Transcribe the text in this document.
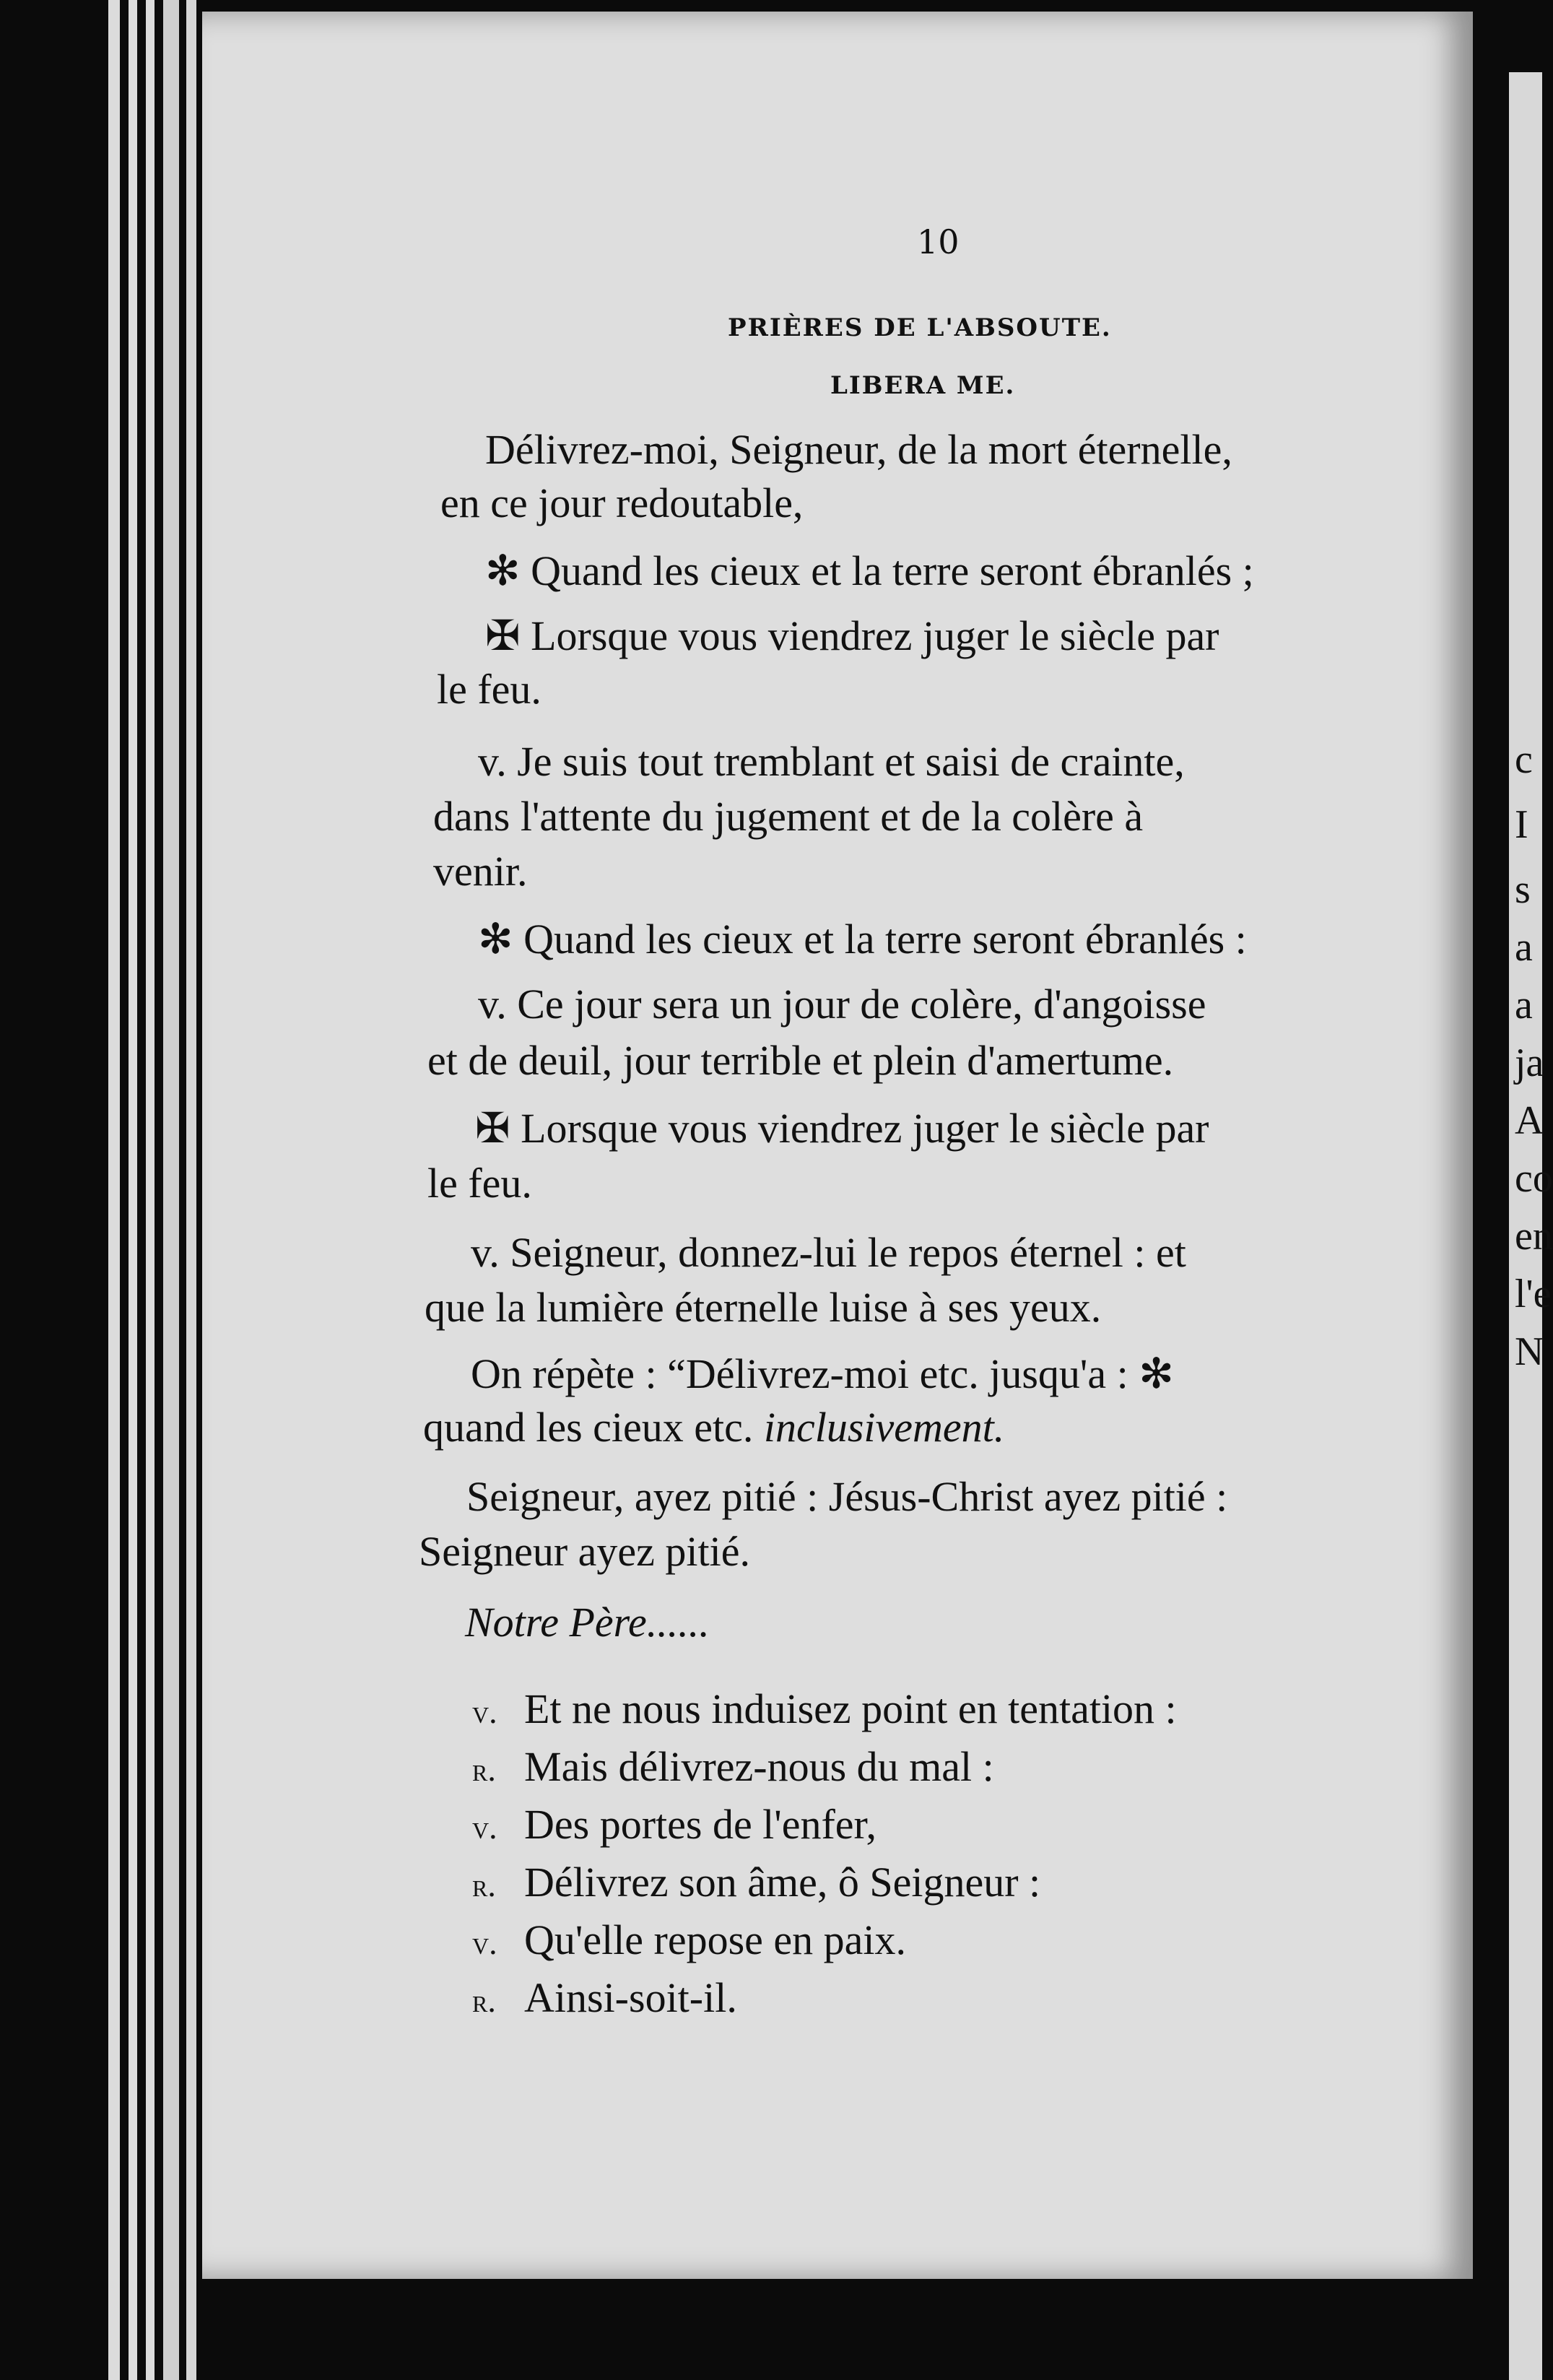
10
PRIÈRES DE L'ABSOUTE.
LIBERA ME.
Délivrez-moi, Seigneur, de la mort éternelle,
en ce jour redoutable,
✻ Quand les cieux et la terre seront ébranlés ;
✠ Lorsque vous viendrez juger le siècle par
le feu.
v. Je suis tout tremblant et saisi de crainte,
dans l'attente du jugement et de la colère à
venir.
✻ Quand les cieux et la terre seront ébranlés :
v. Ce jour sera un jour de colère, d'angoisse
et de deuil, jour terrible et plein d'amertume.
✠ Lorsque vous viendrez juger le siècle par
le feu.
v. Seigneur, donnez-lui le repos éternel : et
que la lumière éternelle luise à ses yeux.
On répète : “Délivrez-moi etc. jusqu'a : ✻
quand les cieux etc. inclusivement.
Seigneur, ayez pitié : Jésus-Christ ayez pitié :
Seigneur ayez pitié.
Notre Père......
v. Et ne nous induisez point en tentation :
r. Mais délivrez-nous du mal :
v. Des portes de l'enfer,
r. Délivrez son âme, ô Seigneur :
v. Qu'elle repose en paix.
r. Ainsi-soit-il.
c
I
s
a
a
ja
A
co
en
l'e
N
